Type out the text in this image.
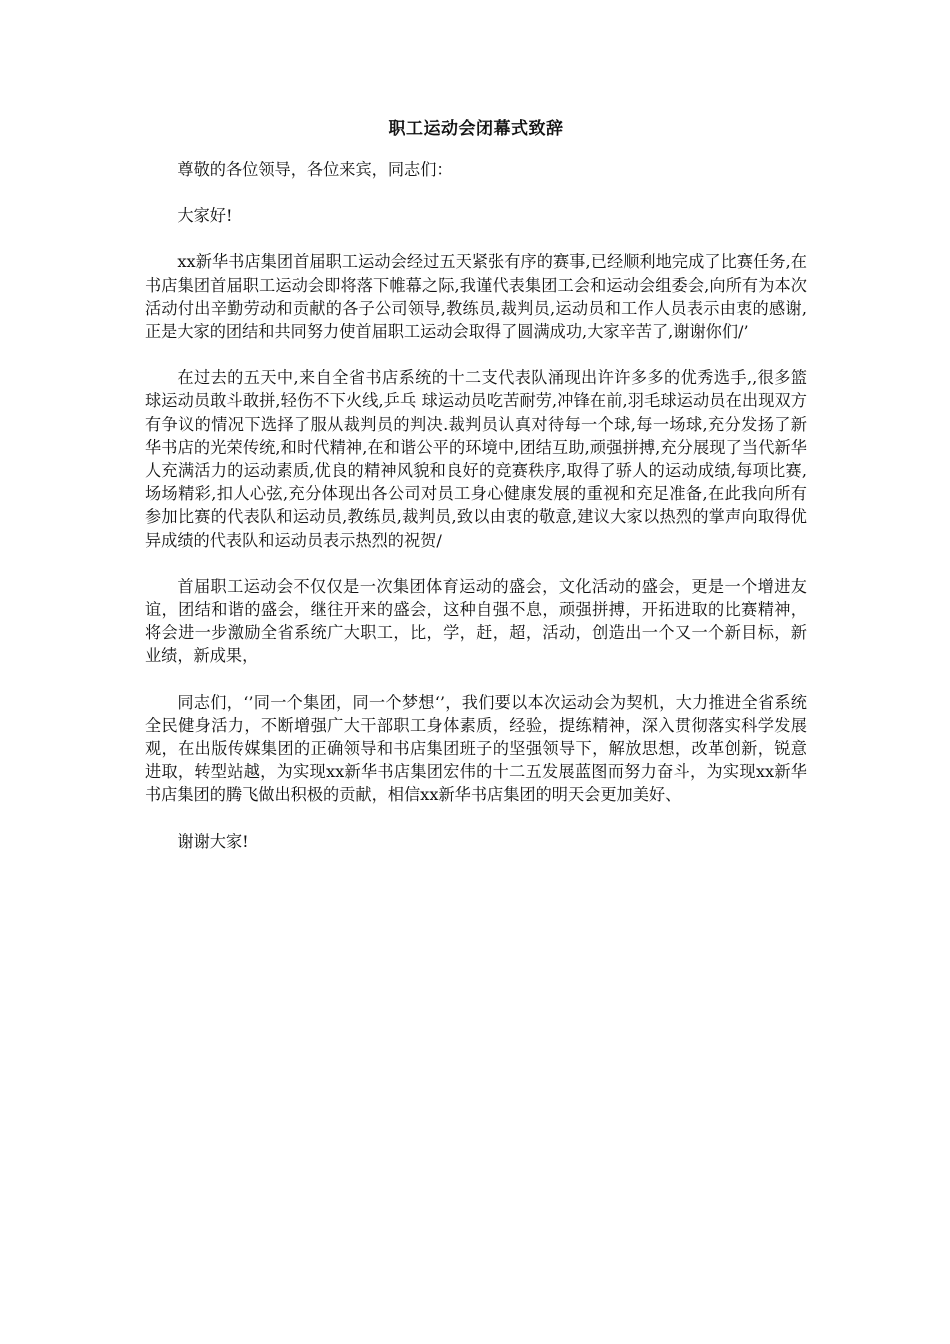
职工运动会闭幕式致辞

尊敬的各位领导，各位来宾，同志们：

大家好!

xx新华书店集团首届职工运动会经过五天紧张有序的赛事,已经顺利地完成了比赛任务,在书店集团首届职工运动会即将落下帷幕之际,我谨代表集团工会和运动会组委会,向所有为本次活动付出辛勤劳动和贡献的各子公司领导,教练员,裁判员,运动员和工作人员表示由衷的感谢,正是大家的团结和共同努力使首届职工运动会取得了圆满成功,大家辛苦了,谢谢你们/’

在过去的五天中,来自全省书店系统的十二支代表队涌现出许许多多的优秀选手,,很多篮球运动员敢斗敢拼,轻伤不下火线,乒乓 球运动员吃苦耐劳,冲锋在前,羽毛球运动员在出现双方有争议的情况下选择了服从裁判员的判决.裁判员认真对待每一个球,每一场球,充分发扬了新华书店的光荣传统,和时代精神,在和谐公平的环境中,团结互助,顽强拼搏,充分展现了当代新华人充满活力的运动素质,优良的精神风貌和良好的竞赛秩序,取得了骄人的运动成绩,每项比赛,场场精彩,扣人心弦,充分体现出各公司对员工身心健康发展的重视和充足准备,在此我向所有参加比赛的代表队和运动员,教练员,裁判员,致以由衷的敬意,建议大家以热烈的掌声向取得优异成绩的代表队和运动员表示热烈的祝贺/

首届职工运动会不仅仅是一次集团体育运动的盛会，文化活动的盛会，更是一个增进友谊，团结和谐的盛会，继往开来的盛会，这种自强不息，顽强拼搏，开拓进取的比赛精神，将会进一步激励全省系统广大职工，比，学，赶，超，活动，创造出一个又一个新目标，新业绩，新成果，

同志们，‘’同一个集团，同一个梦想‘’，我们要以本次运动会为契机，大力推进全省系统全民健身活力，不断增强广大干部职工身体素质，经验，提练精神，深入贯彻落实科学发展观，在出版传媒集团的正确领导和书店集团班子的坚强领导下，解放思想，改革创新，锐意进取，转型站越，为实现xx新华书店集团宏伟的十二五发展蓝图而努力奋斗，为实现xx新华书店集团的腾飞做出积极的贡献，相信xx新华书店集团的明天会更加美好、

谢谢大家!
